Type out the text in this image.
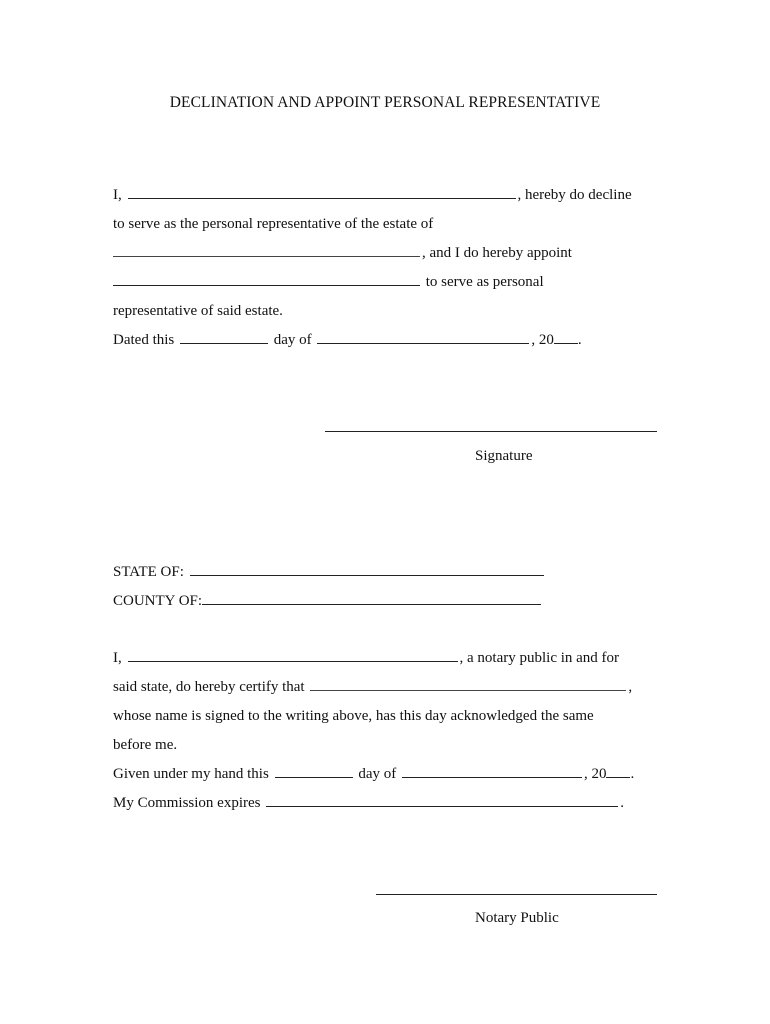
DECLINATION AND APPOINT PERSONAL REPRESENTATIVE
I,	, hereby do decline
to serve as the personal representative of the estate of
, and I do hereby appoint
to serve as personal
representative of said estate.
Dated this	day of	, 20 .
Signature
STATE OF:
COUNTY OF:
I,	, a notary public in and for
said state, do hereby certify that	,
whose name is signed to the writing above, has this day acknowledged the same
before me.
Given under my hand this	day of	, 20 .
My Commission expires	.
Notary Public
